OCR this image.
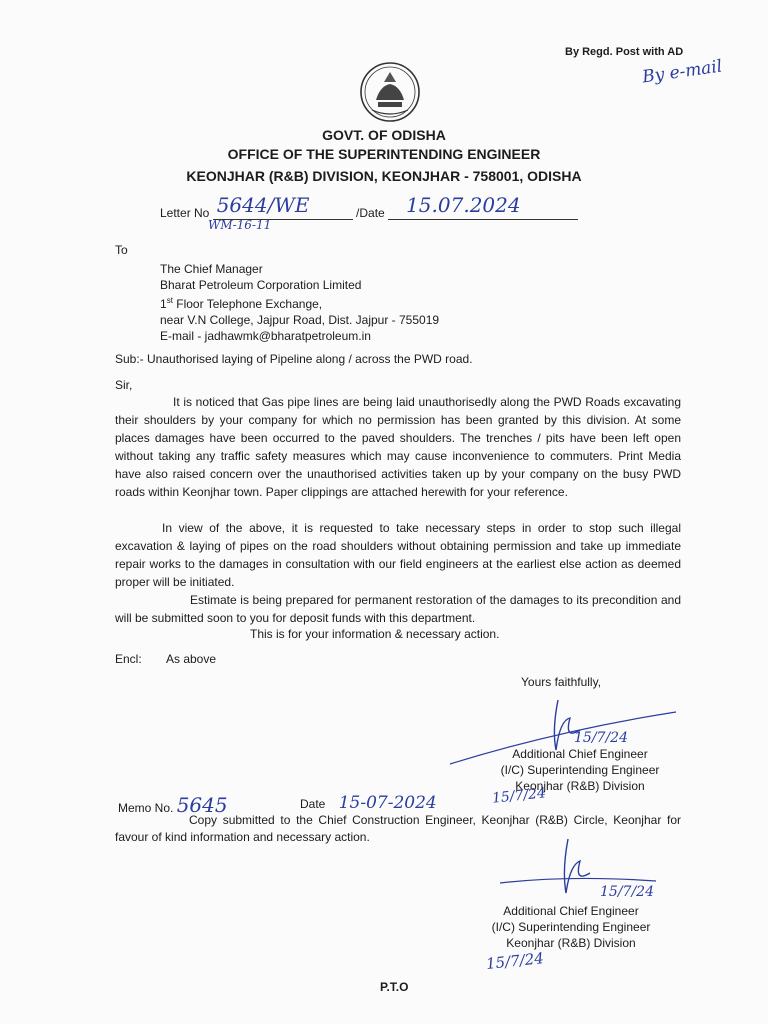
By Regd. Post with AD
By e-mail
GOVT. OF ODISHA
OFFICE OF THE SUPERINTENDING ENGINEER
KEONJHAR (R&B) DIVISION, KEONJHAR - 758001, ODISHA
Letter No 5644/WE	/Date 15.07.2024
WM-16-11
To
The Chief Manager
Bharat Petroleum Corporation Limited
1st Floor Telephone Exchange,
near V.N College, Jajpur Road, Dist. Jajpur - 755019
E-mail - jadhawmk@bharatpetroleum.in
Sub:- Unauthorised laying of Pipeline along / across the PWD road.
Sir,
It is noticed that Gas pipe lines are being laid unauthorisedly along the PWD Roads excavating their shoulders by your company for which no permission has been granted by this division. At some places damages have been occurred to the paved shoulders. The trenches / pits have been left open without taking any traffic safety measures which may cause inconvenience to commuters. Print Media have also raised concern over the unauthorised activities taken up by your company on the busy PWD roads within Keonjhar town. Paper clippings are attached herewith for your reference.
In view of the above, it is requested to take necessary steps in order to stop such illegal excavation & laying of pipes on the road shoulders without obtaining permission and take up immediate repair works to the damages in consultation with our field engineers at the earliest else action as deemed proper will be initiated.
Estimate is being prepared for permanent restoration of the damages to its precondition and will be submitted soon to you for deposit funds with this department.
This is for your information & necessary action.
Encl: As above
Yours faithfully,
15/7/24
Additional Chief Engineer
(I/C) Superintending Engineer
Keonjhar (R&B) Division
15/7/24
Memo No. 5645	Date 15-07-2024
Copy submitted to the Chief Construction Engineer, Keonjhar (R&B) Circle, Keonjhar for favour of kind information and necessary action.
15/7/24
Additional Chief Engineer
(I/C) Superintending Engineer
Keonjhar (R&B) Division
15/7/24
P.T.O
